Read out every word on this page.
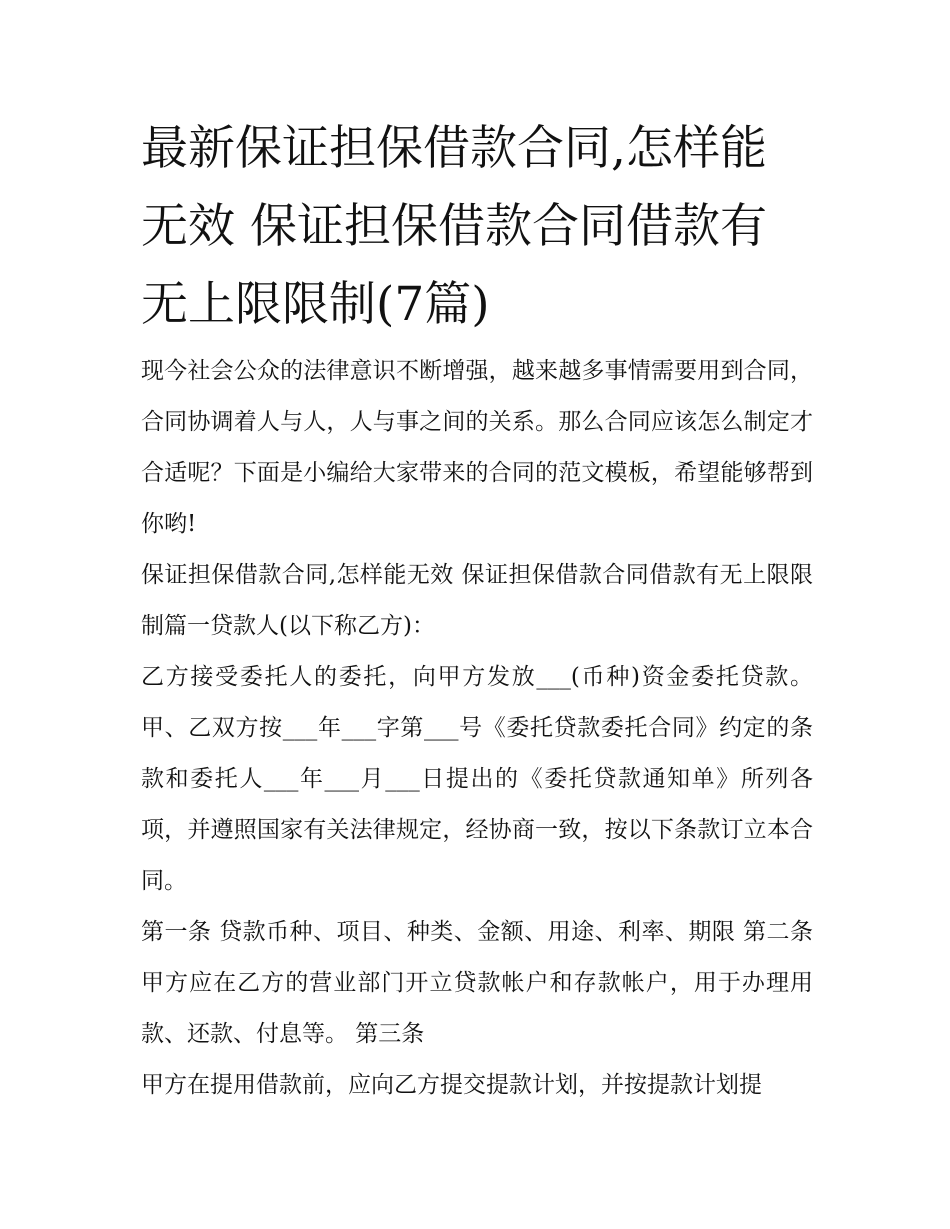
最新保证担保借款合同,怎样能无效 保证担保借款合同借款有无上限限制(7篇)

现今社会公众的法律意识不断增强，越来越多事情需要用到合同，合同协调着人与人，人与事之间的关系。那么合同应该怎么制定才合适呢？下面是小编给大家带来的合同的范文模板，希望能够帮到你哟!

保证担保借款合同,怎样能无效 保证担保借款合同借款有无上限限制篇一贷款人(以下称乙方)：

乙方接受委托人的委托，向甲方发放___(币种)资金委托贷款。甲、乙双方按___年___字第___号《委托贷款委托合同》约定的条款和委托人___年___月___日提出的《委托贷款通知单》所列各项，并遵照国家有关法律规定，经协商一致，按以下条款订立本合同。

第一条 贷款币种、项目、种类、金额、用途、利率、期限 第二条 甲方应在乙方的营业部门开立贷款帐户和存款帐户，用于办理用款、还款、付息等。 第三条

甲方在提用借款前，应向乙方提交提款计划，并按提款计划提
